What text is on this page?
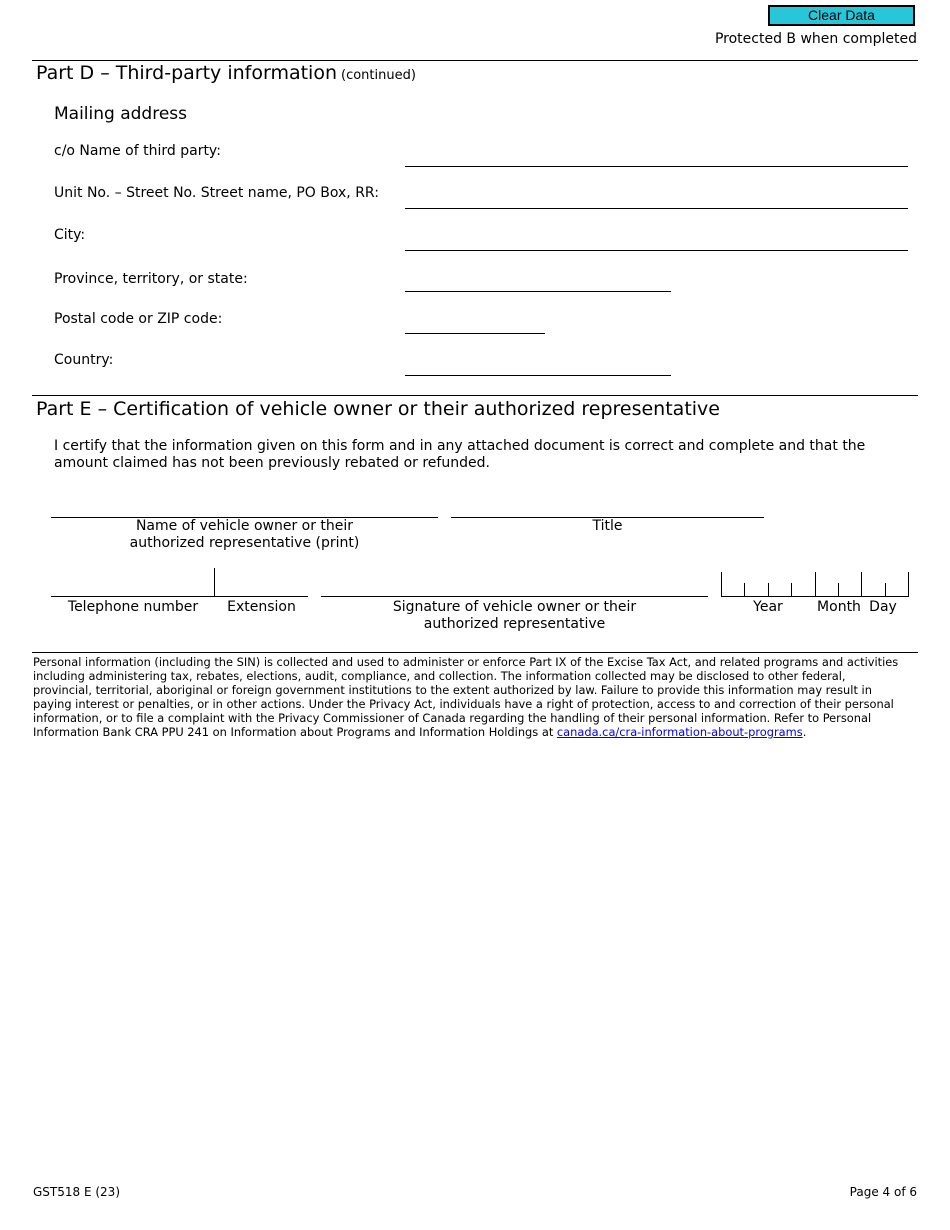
Clear Data
Protected B when completed
Part D – Third-party information (continued)
Mailing address
c/o Name of third party:
Unit No. – Street No. Street name, PO Box, RR:
City:
Province, territory, or state:
Postal code or ZIP code:
Country:
Part E – Certification of vehicle owner or their authorized representative
I certify that the information given on this form and in any attached document is correct and complete and that the amount claimed has not been previously rebated or refunded.
Name of vehicle owner or their
authorized representative (print)
Title
Telephone number	Extension	Signature of vehicle owner or their
authorized representative
Year	Month Day
Personal information (including the SIN) is collected and used to administer or enforce Part IX of the Excise Tax Act, and related programs and activities including administering tax, rebates, elections, audit, compliance, and collection. The information collected may be disclosed to other federal, provincial, territorial, aboriginal or foreign government institutions to the extent authorized by law. Failure to provide this information may result in paying interest or penalties, or in other actions. Under the Privacy Act, individuals have a right of protection, access to and correction of their personal information, or to file a complaint with the Privacy Commissioner of Canada regarding the handling of their personal information. Refer to Personal Information Bank CRA PPU 241 on Information about Programs and Information Holdings at canada.ca/cra-information-about-programs.
GST518 E (23)	Page 4 of 6
